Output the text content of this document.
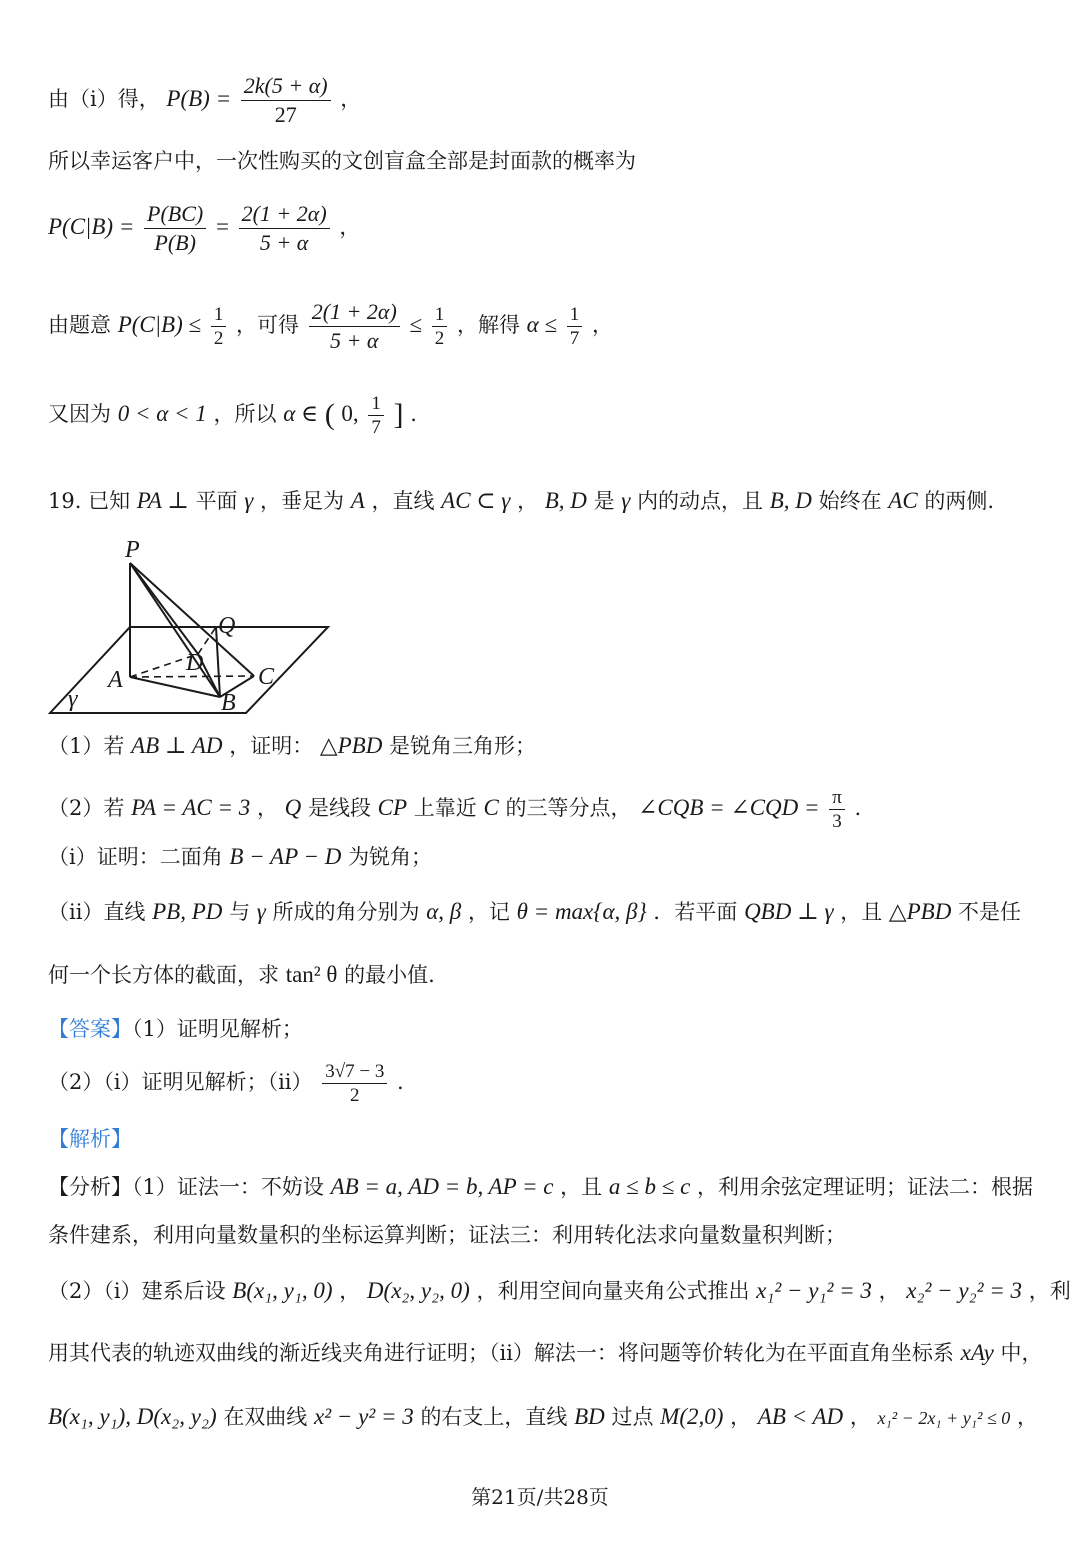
由（i）得， $P(B) = \frac{2k(5 + \alpha)}{27}$ ，
所以幸运客户中，一次性购买的文创盲盒全部是封面款的概率为
$P(C|B) = \frac{P(BC)}{P(B)} = \frac{2(1 + 2\alpha)}{5 + \alpha}$ ，
由题意 $P(C|B) \le \frac{1}{2}$ ，可得 $\frac{2(1 + 2\alpha)}{5 + \alpha} \le \frac{1}{2}$ ，解得 $\alpha \le \frac{1}{7}$ ，
又因为 0 < α < 1 ，所以 α ∈ ( 0, $\frac{1}{7}$ ] .
19. 已知 PA ⊥ 平面 γ ，垂足为 A ，直线 AC ⊂ γ ， B, D 是 γ 内的动点，且 B, D 始终在 AC 的两侧.
P
Q
D
A	C
B
γ
（1）若 AB ⊥ AD ，证明： △PBD 是锐角三角形；
（2）若 PA = AC = 3 ， Q 是线段 CP 上靠近 C 的三等分点， ∠CQB = ∠CQD = $\frac{\pi}{3}$ .
（i）证明：二面角 B − AP − D 为锐角；
（ii）直线 PB, PD 与 γ 所成的角分别为 α, β ，记 θ = max{α, β} ．若平面 QBD ⊥ γ ，且 △PBD 不是任
何一个长方体的截面，求 tan² θ 的最小值.
【答案】（1）证明见解析；
（2）（i）证明见解析；$(ii) \frac{3√7 - 3}{2}$ .
【解析】
【分析】（1）证法一：不妨设 AB = a, AD = b, AP = c ，且 a ≤ b ≤ c ，利用余弦定理证明；证法二：根据
条件建系，利用向量数量积的坐标运算判断；证法三：利用转化法求向量数量积判断；
（2）（i）建系后设 B(x₁, y₁, 0) ， D(x₂, y₂, 0) ，利用空间向量夹角公式推出 x₁² − y₁² = 3 ， x₂² − y₂² = 3 ，利
用其代表的轨迹双曲线的渐近线夹角进行证明；（ii）解法一：将问题等价转化为在平面直角坐标系 xAy 中，
B(x₁, y₁), D(x₂, y₂) 在双曲线 x² − y² = 3 的右支上，直线 BD 过点 M(2,0) ， AB < AD ， x₁² − 2x₁ + y₁² ≤ 0 ，
第21页/共28页
